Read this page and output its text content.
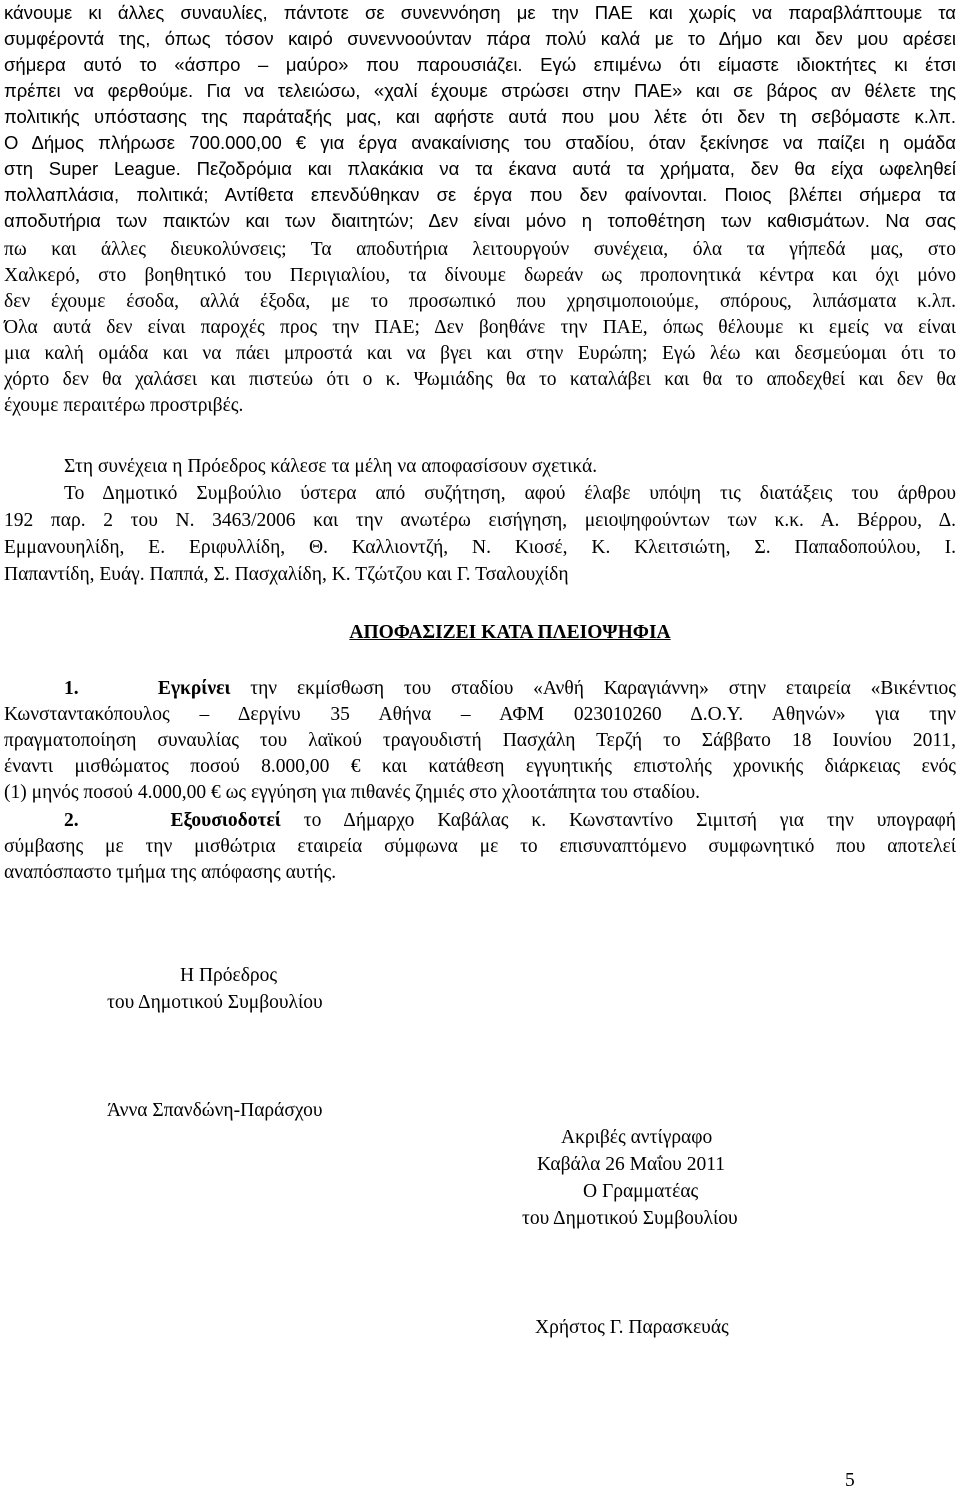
κάνουμε κι άλλες συναυλίες, πάντοτε σε συνεννόηση με την ΠΑΕ και χωρίς να παραβλάπτουμε τα
συμφέροντά της, όπως τόσον καιρό συνεννοούνταν πάρα πολύ καλά με το Δήμο και δεν μου αρέσει
σήμερα αυτό το «άσπρο – μαύρο» που παρουσιάζει. Εγώ επιμένω ότι είμαστε ιδιοκτήτες κι έτσι
πρέπει να φερθούμε. Για να τελειώσω, «χαλί έχουμε στρώσει στην ΠΑΕ» και σε βάρος αν θέλετε της
πολιτικής υπόστασης της παράταξής μας, και αφήστε αυτά που μου λέτε ότι δεν τη σεβόμαστε κ.λπ.
Ο Δήμος πλήρωσε 700.000,00 € για έργα ανακαίνισης του σταδίου, όταν ξεκίνησε να παίζει η ομάδα
στη Super League. Πεζοδρόμια και πλακάκια να τα έκανα αυτά τα χρήματα, δεν θα είχα ωφεληθεί
πολλαπλάσια, πολιτικά; Αντίθετα επενδύθηκαν σε έργα που δεν φαίνονται. Ποιος βλέπει σήμερα τα
αποδυτήρια των παικτών και των διαιτητών; Δεν είναι μόνο η τοποθέτηση των καθισμάτων. Να σας
πω και άλλες διευκολύνσεις; Τα αποδυτήρια λειτουργούν συνέχεια, όλα τα γήπεδά μας, στο
Χαλκερό, στο βοηθητικό του Περιγιαλίου, τα δίνουμε δωρεάν ως προπονητικά κέντρα και όχι μόνο
δεν έχουμε έσοδα, αλλά έξοδα, με το προσωπικό που χρησιμοποιούμε, σπόρους, λιπάσματα κ.λπ.
Όλα αυτά δεν είναι παροχές προς την ΠΑΕ; Δεν βοηθάνε την ΠΑΕ, όπως θέλουμε κι εμείς να είναι
μια καλή ομάδα και να πάει μπροστά και να βγει και στην Ευρώπη; Εγώ λέω και δεσμεύομαι ότι το
χόρτο δεν θα χαλάσει και πιστεύω ότι ο κ. Ψωμιάδης θα το καταλάβει και θα το αποδεχθεί και δεν θα
έχουμε περαιτέρω προστριβές.
Στη συνέχεια η Πρόεδρος κάλεσε τα μέλη να αποφασίσουν σχετικά.
Το Δημοτικό Συμβούλιο ύστερα από συζήτηση, αφού έλαβε υπόψη τις διατάξεις του άρθρου
192 παρ. 2 του Ν. 3463/2006 και την ανωτέρω εισήγηση, μειοψηφούντων των κ.κ. Α. Βέρρου, Δ.
Εμμανουηλίδη, Ε. Εριφυλλίδη, Θ. Καλλιοντζή, Ν. Κιοσέ, Κ. Κλειτσιώτη, Σ. Παπαδοπούλου, Ι.
Παπαντίδη, Ευάγ. Παππά, Σ. Πασχαλίδη, Κ. Τζώτζου και Γ. Τσαλουχίδη
ΑΠΟΦΑΣΙΖΕΙ ΚΑΤΑ ΠΛΕΙΟΨΗΦΙΑ
1.	Εγκρίνει την εκμίσθωση του σταδίου «Ανθή Καραγιάννη» στην εταιρεία «Βικέντιος
Κωνσταντακόπουλος – Δεργίνυ 35 Αθήνα – ΑΦΜ 023010260 Δ.Ο.Υ. Αθηνών» για την
πραγματοποίηση συναυλίας του λαϊκού τραγουδιστή Πασχάλη Τερζή το Σάββατο 18 Ιουνίου 2011,
έναντι μισθώματος ποσού 8.000,00 € και κατάθεση εγγυητικής επιστολής χρονικής διάρκειας ενός
(1) μηνός ποσού 4.000,00 € ως εγγύηση για πιθανές ζημιές στο χλοοτάπητα του σταδίου.
2.	Εξουσιοδοτεί το Δήμαρχο Καβάλας κ. Κωνσταντίνο Σιμιτσή για την υπογραφή
σύμβασης με την μισθώτρια εταιρεία σύμφωνα με το επισυναπτόμενο συμφωνητικό που αποτελεί
αναπόσπαστο τμήμα της απόφασης αυτής.
Η Πρόεδρος
του Δημοτικού Συμβουλίου
Άννα Σπανδώνη-Παράσχου
Ακριβές αντίγραφο
Καβάλα 26 Μαΐου 2011
Ο Γραμματέας
του Δημοτικού Συμβουλίου
Χρήστος Γ. Παρασκευάς
5
